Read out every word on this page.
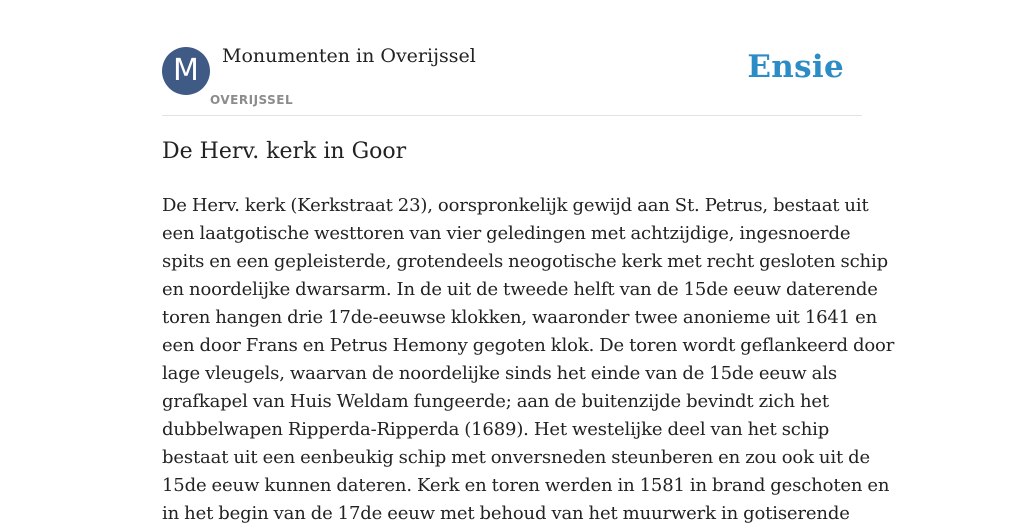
M	Monumenten in Overijssel
OVERIJSSEL
Ensie
De Herv. kerk in Goor

De Herv. kerk (Kerkstraat 23), oorspronkelijk gewijd aan St. Petrus, bestaat uit
een laatgotische westtoren van vier geledingen met achtzijdige, ingesnoerde
spits en een gepleisterde, grotendeels neogotische kerk met recht gesloten schip
en noordelijke dwarsarm. In de uit de tweede helft van de 15de eeuw daterende
toren hangen drie 17de-eeuwse klokken, waaronder twee anonieme uit 1641 en
een door Frans en Petrus Hemony gegoten klok. De toren wordt geflankeerd door
lage vleugels, waarvan de noordelijke sinds het einde van de 15de eeuw als
grafkapel van Huis Weldam fungeerde; aan de buitenzijde bevindt zich het
dubbelwapen Ripperda-Ripperda (1689). Het westelijke deel van het schip
bestaat uit een eenbeukig schip met onversneden steunberen en zou ook uit de
15de eeuw kunnen dateren. Kerk en toren werden in 1581 in brand geschoten en
in het begin van de 17de eeuw met behoud van het muurwerk in gotiserende
